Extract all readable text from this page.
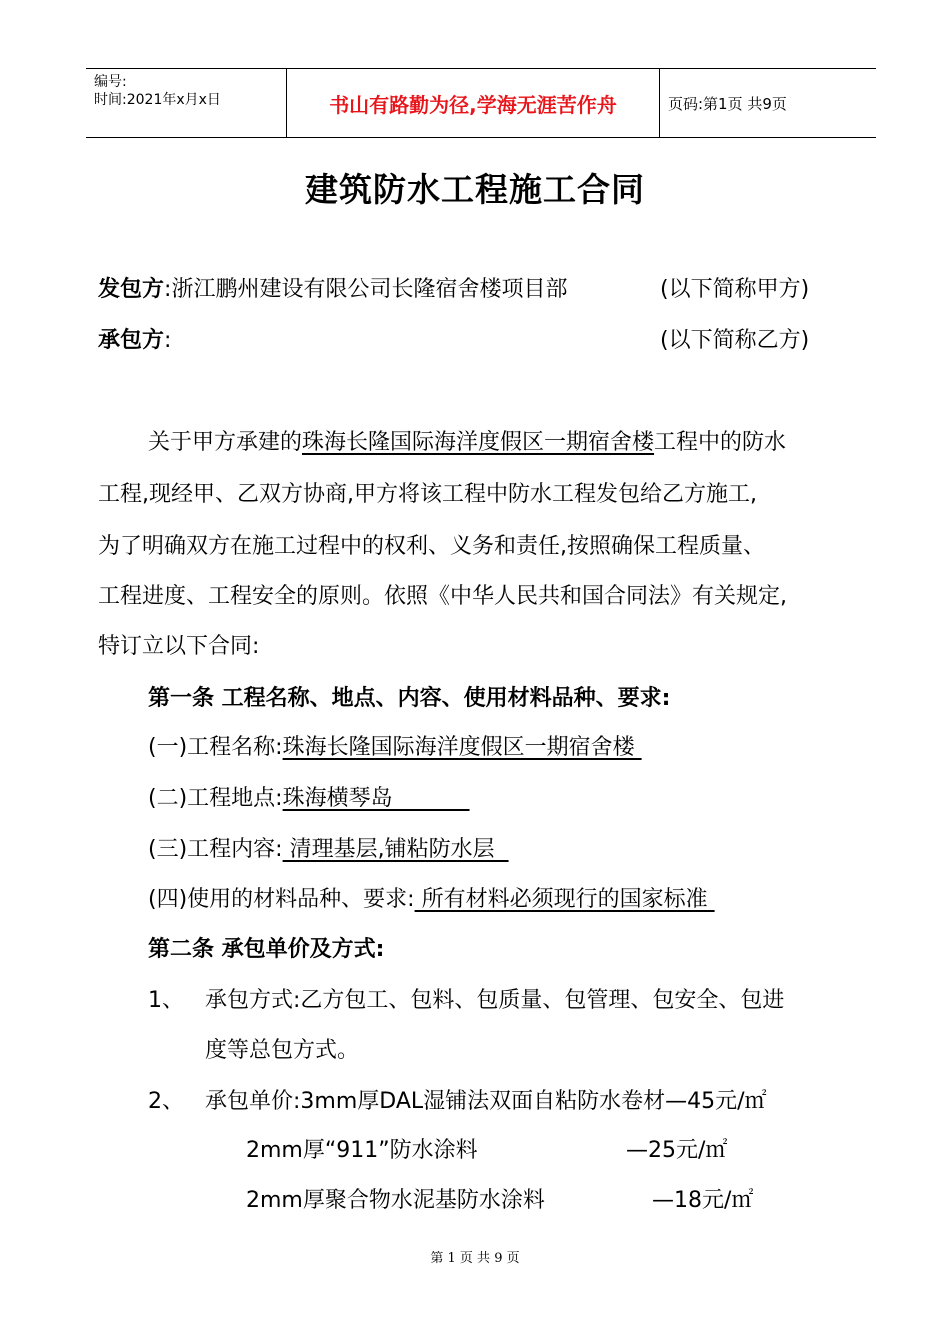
编号:
时间:2021年x月x日	书山有路勤为径,学海无涯苦作舟	页码:第1页 共9页
建筑防水工程施工合同
发包方:浙江鹏州建设有限公司长隆宿舍楼项目部	(以下简称甲方)
承包方:	(以下简称乙方)
关于甲方承建的珠海长隆国际海洋度假区一期宿舍楼工程中的防水
工程,现经甲、乙双方协商,甲方将该工程中防水工程发包给乙方施工,
为了明确双方在施工过程中的权利、义务和责任,按照确保工程质量、
工程进度、工程安全的原则。依照《中华人民共和国合同法》有关规定,
特订立以下合同:
第一条 工程名称、地点、内容、使用材料品种、要求:
(一)工程名称:珠海长隆国际海洋度假区一期宿舍楼
(二)工程地点:珠海横琴岛
(三)工程内容: 清理基层,铺粘防水层
(四)使用的材料品种、要求: 所有材料必须现行的国家标准
第二条 承包单价及方式:
1、 承包方式:乙方包工、包料、包质量、包管理、包安全、包进
度等总包方式。
2、 承包单价:3mm厚DAL湿铺法双面自粘防水卷材—45元/㎡
2mm厚“911”防水涂料	—25元/㎡
2mm厚聚合物水泥基防水涂料	—18元/㎡
第 1 页 共 9 页
